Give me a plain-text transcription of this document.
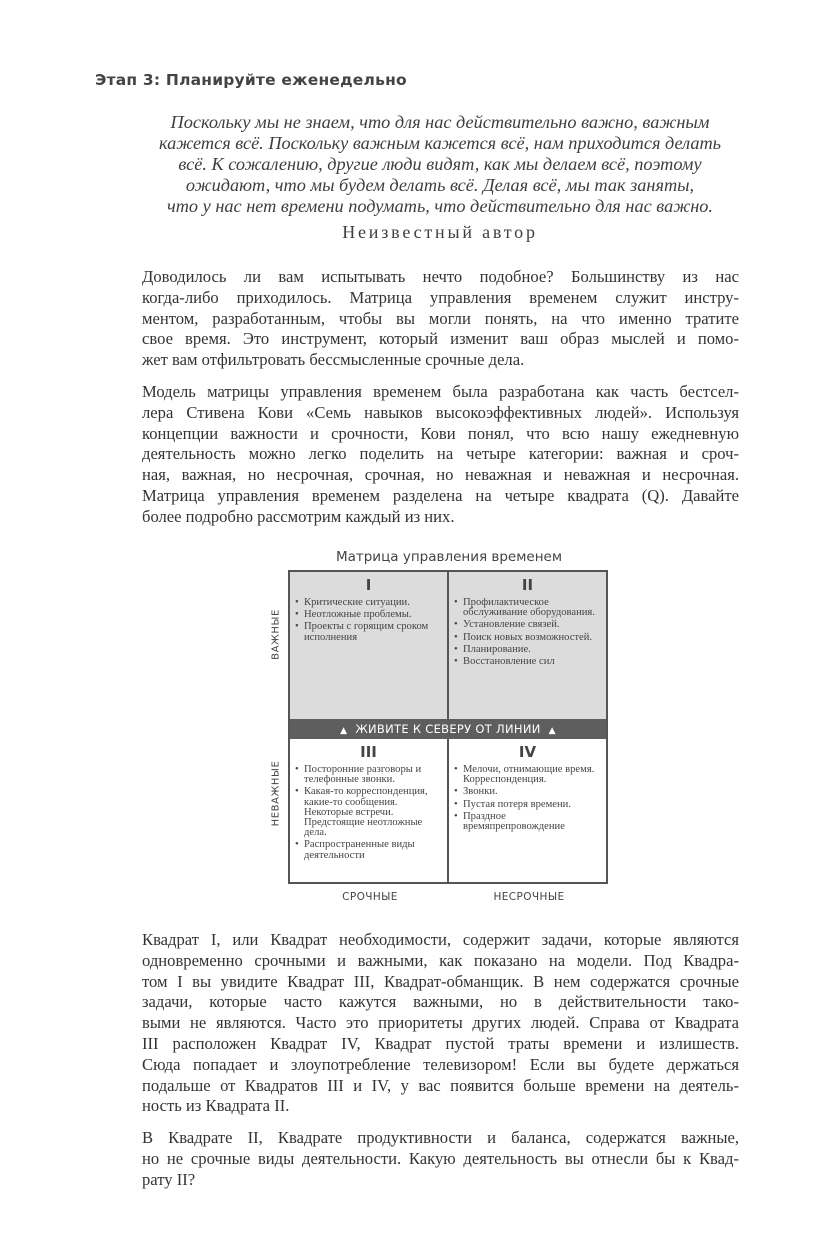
Этап 3: Планируйте еженедельно
Поскольку мы не знаем, что для нас действительно важно, важным
кажется всё. Поскольку важным кажется всё, нам приходится делать
всё. К сожалению, другие люди видят, как мы делаем всё, поэтому
ожидают, что мы будем делать всё. Делая всё, мы так заняты,
что у нас нет времени подумать, что действительно для нас важно.
Неизвестный автор
Доводилось ли вам испытывать нечто подобное? Большинству из нас
когда-либо приходилось. Матрица управления временем служит инстру-
ментом, разработанным, чтобы вы могли понять, на что именно тратите
свое время. Это инструмент, который изменит ваш образ мыслей и помо-
жет вам отфильтровать бессмысленные срочные дела.
Модель матрицы управления временем была разработана как часть бестсел-
лера Стивена Кови «Семь навыков высокоэффективных людей». Используя
концепции важности и срочности, Кови понял, что всю нашу ежедневную
деятельность можно легко поделить на четыре категории: важная и сроч-
ная, важная, но несрочная, срочная, но неважная и неважная и несрочная.
Матрица управления временем разделена на четыре квадрата (Q). Давайте
более подробно рассмотрим каждый из них.
Матрица управления временем
ВАЖНЫЕ
НЕВАЖНЫЕ
I
• Критические ситуации.
• Неотложные проблемы.
• Проекты с горящим сроком исполнения
II
• Профилактическое обслуживание оборудования.
• Установление связей.
• Поиск новых возможностей.
• Планирование.
• Восстановление сил
▲ ЖИВИТЕ К СЕВЕРУ ОТ ЛИНИИ ▲
III
• Посторонние разговоры и телефонные звонки.
• Какая-то корреспонденция, какие-то сообщения. Некоторые встречи. Предстоящие неотложные дела.
• Распространенные виды деятельности
IV
• Мелочи, отнимающие время. Корреспонденция.
• Звонки.
• Пустая потеря времени.
• Праздное времяпрепровождение
СРОЧНЫЕ	НЕСРОЧНЫЕ
Квадрат I, или Квадрат необходимости, содержит задачи, которые являются
одновременно срочными и важными, как показано на модели. Под Квадра-
том I вы увидите Квадрат III, Квадрат-обманщик. В нем содержатся срочные
задачи, которые часто кажутся важными, но в действительности тако-
выми не являются. Часто это приоритеты других людей. Справа от Квадрата
III расположен Квадрат IV, Квадрат пустой траты времени и излишеств.
Сюда попадает и злоупотребление телевизором! Если вы будете держаться
подальше от Квадратов III и IV, у вас появится больше времени на деятель-
ность из Квадрата II.
В Квадрате II, Квадрате продуктивности и баланса, содержатся важные,
но не срочные виды деятельности. Какую деятельность вы отнесли бы к Квад-
рату II?
